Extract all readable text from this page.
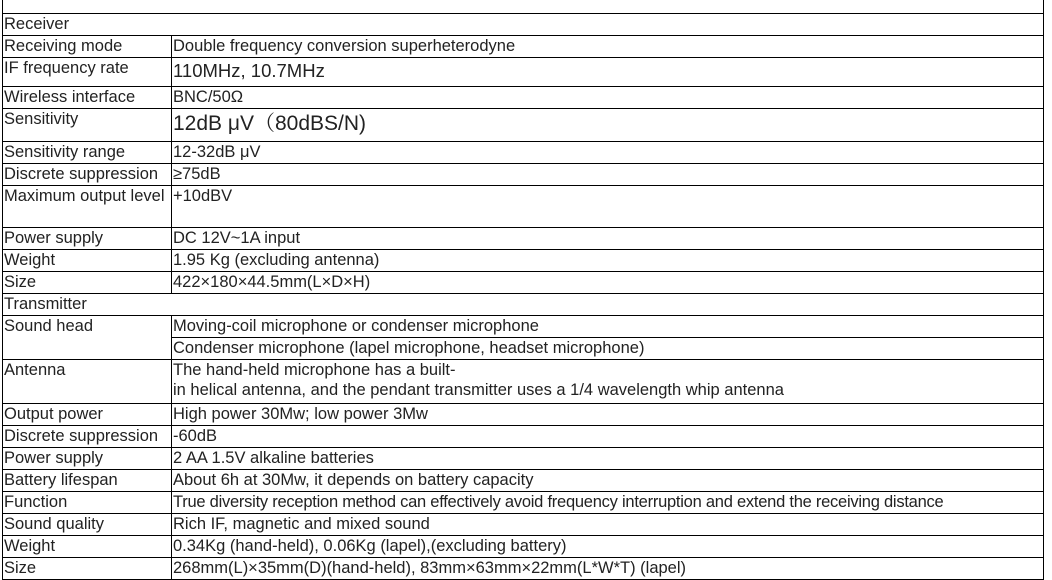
Receiver	
Receiving mode	Double frequency conversion superheterodyne
IF frequency rate	110MHz, 10.7MHz
Wireless interface	BNC/50Ω
Sensitivity	12dB μV（80dBS/N)
Sensitivity range	12-32dB μV
Discrete suppression	≥75dB
Maximum output level	+10dBV
Power supply	DC 12V~1A input
Weight	1.95 Kg (excluding antenna)
Size	422×180×44.5mm(L×D×H)
Transmitter	
Sound head	Moving-coil microphone or condenser microphone
	Condenser microphone (lapel microphone, headset microphone)
Antenna	The hand-held microphone has a built-
in helical antenna, and the pendant transmitter uses a 1/4 wavelength whip antenna

Output power	High power 30Mw; low power 3Mw
Discrete suppression	-60dB
Power supply	2 AA 1.5V alkaline batteries
Battery lifespan	About 6h at 30Mw, it depends on battery capacity
Function	True diversity reception method can effectively avoid frequency interruption and extend the receiving distance
Sound quality	Rich IF, magnetic and mixed sound
Weight	0.34Kg (hand-held), 0.06Kg (lapel),(excluding battery)
Size	268mm(L)×35mm(D)(hand-held), 83mm×63mm×22mm(L*W*T) (lapel)
